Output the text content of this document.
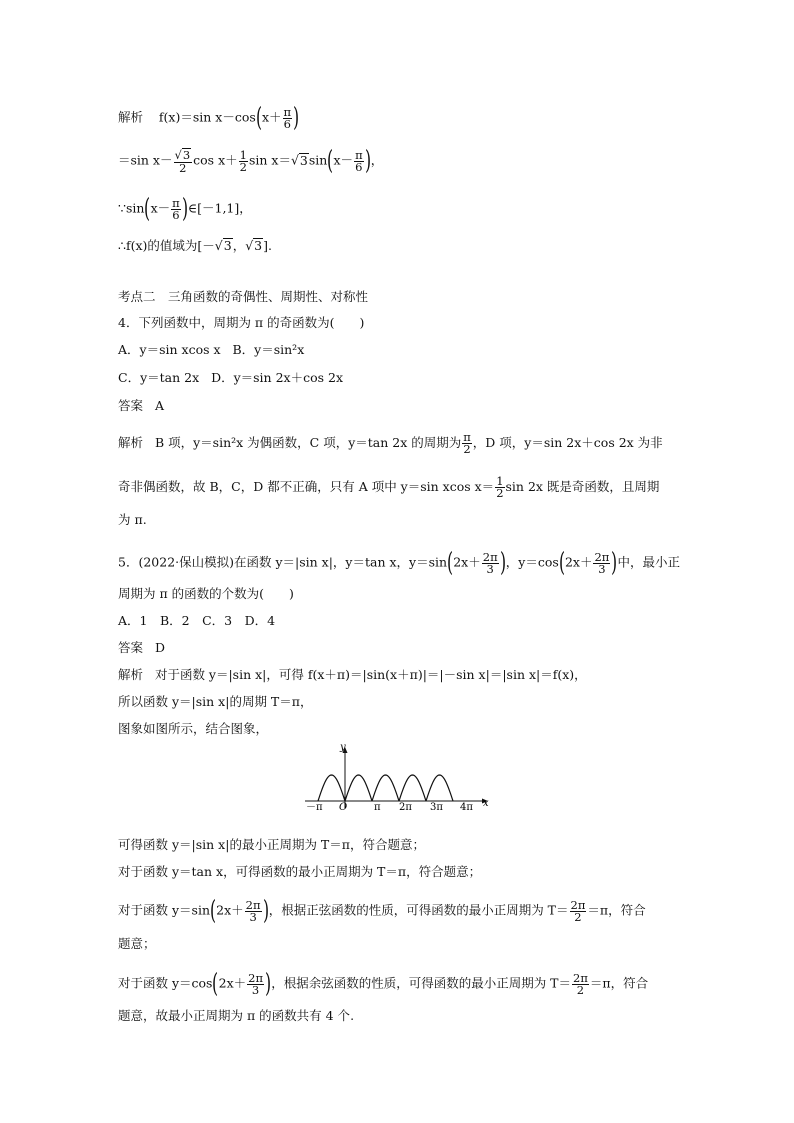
解析 f(x)＝sin $x-\cos(x+ \frac{\pi}{6}$ )
＝sin $x- \frac{√3}{2}$ $\cos x+ \frac{1}{2}$ $\sin x=√3\sin(x- \frac{\pi}{6}$ )，
∵sin(x－ $\frac{\pi}{6}$ )∈[－1,1]，
∴f(x)的值域为[－√3，√3].
考点二　三角函数的奇偶性、周期性、对称性
4．下列函数中，周期为 π 的奇函数为(　　)
A．y＝sin xcos x B．y＝sin²x
C．y＝tan 2x D．y＝sin 2x＋cos 2x
答案 A
解析 B 项，y＝sin²x 为偶函数，C 项，y＝tan 2x 的周期为 $\frac{\pi}{2}$ ，D 项，y＝sin 2x＋cos 2x 为非
奇非偶函数，故 B，C，D 都不正确，只有 A 项中 y＝sin xcos $x= \frac{1}{2}$ sin 2x 既是奇函数，且周期
为 π.
5．(2022·保山模拟)在函数 y＝|sin x|，y＝tan x，$y=\sin(2x+ \frac{2\pi}{3}$ )，$y=\cos(2x+ \frac{2\pi}{3}$ )中，最小正
周期为 π 的函数的个数为(　　)
A．1　B．2　C．3　D．4
答案 D
解析 对于函数 y＝|sin x|，可得 f(x＋π)＝|sin(x＋π)|＝|－sin x|＝|sin x|＝f(x)，
所以函数 y＝|sin x|的周期 T＝π，
图象如图所示，结合图象，
y
x
O
－π	π 2π 3π 4π
可得函数 y＝|sin x|的最小正周期为 T＝π，符合题意；
对于函数 y＝tan x，可得函数的最小正周期为 T＝π，符合题意；
对于函数 $y=\sin(2x+ \frac{2\pi}{3}$ )，根据正弦函数的性质，可得函数的最小正周期为 $T= \frac{2\pi}{2} =\pi$，符合
题意；
对于函数 $y=\cos(2x+ \frac{2\pi}{3}$ )，根据余弦函数的性质，可得函数的最小正周期为 $T= \frac{2\pi}{2} =\pi$，符合
题意，故最小正周期为 π 的函数共有 4 个.
